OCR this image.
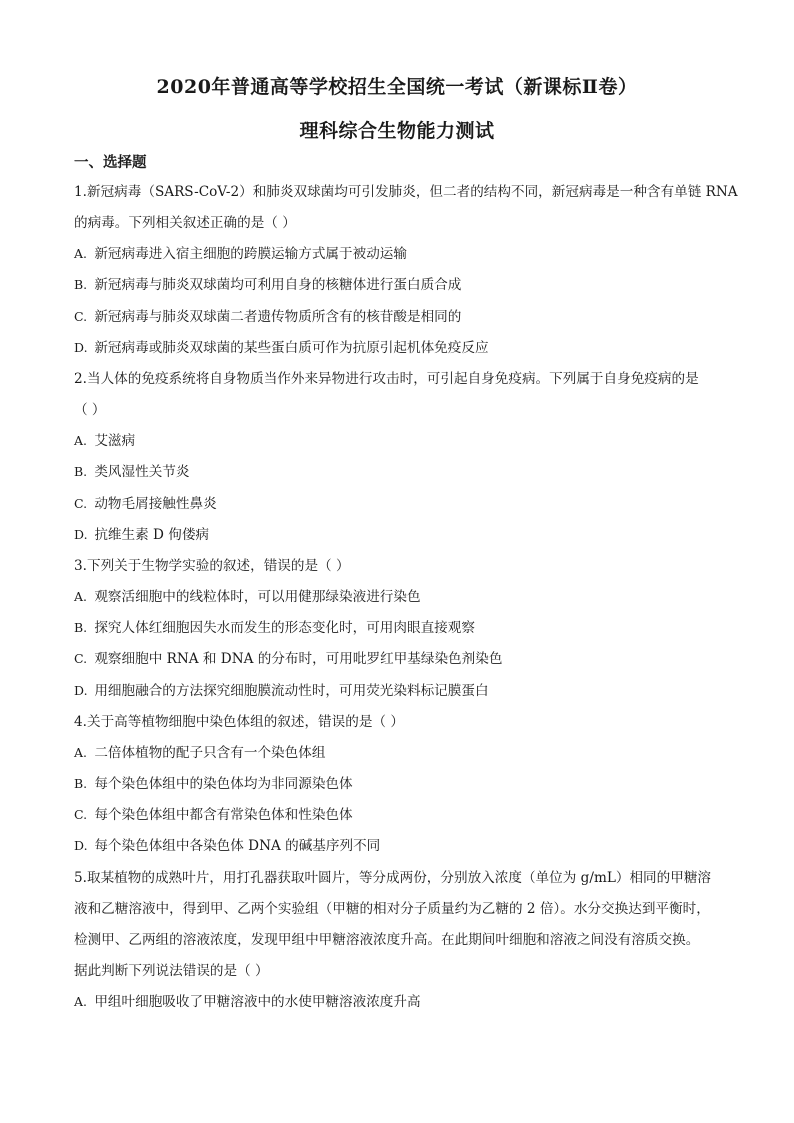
2020年普通高等学校招生全国统一考试（新课标Ⅱ卷）
理科综合生物能力测试
一、选择题
1.新冠病毒（SARS-CoV-2）和肺炎双球菌均可引发肺炎，但二者的结构不同，新冠病毒是一种含有单链 RNA
的病毒。下列相关叙述正确的是（ ）
A. 新冠病毒进入宿主细胞的跨膜运输方式属于被动运输
B. 新冠病毒与肺炎双球菌均可利用自身的核糖体进行蛋白质合成
C. 新冠病毒与肺炎双球菌二者遗传物质所含有的核苷酸是相同的
D. 新冠病毒或肺炎双球菌的某些蛋白质可作为抗原引起机体免疫反应
2.当人体的免疫系统将自身物质当作外来异物进行攻击时，可引起自身免疫病。下列属于自身免疫病的是
（ ）
A. 艾滋病
B. 类风湿性关节炎
C. 动物毛屑接触性鼻炎
D. 抗维生素 D 佝偻病
3.下列关于生物学实验的叙述，错误的是（ ）
A. 观察活细胞中的线粒体时，可以用健那绿染液进行染色
B. 探究人体红细胞因失水而发生的形态变化时，可用肉眼直接观察
C. 观察细胞中 RNA 和 DNA 的分布时，可用吡罗红甲基绿染色剂染色
D. 用细胞融合的方法探究细胞膜流动性时，可用荧光染料标记膜蛋白
4.关于高等植物细胞中染色体组的叙述，错误的是（ ）
A. 二倍体植物的配子只含有一个染色体组
B. 每个染色体组中的染色体均为非同源染色体
C. 每个染色体组中都含有常染色体和性染色体
D. 每个染色体组中各染色体 DNA 的碱基序列不同
5.取某植物的成熟叶片，用打孔器获取叶圆片，等分成两份，分别放入浓度（单位为 g/mL）相同的甲糖溶
液和乙糖溶液中，得到甲、乙两个实验组（甲糖的相对分子质量约为乙糖的 2 倍）。水分交换达到平衡时，
检测甲、乙两组的溶液浓度，发现甲组中甲糖溶液浓度升高。在此期间叶细胞和溶液之间没有溶质交换。
据此判断下列说法错误的是（ ）
A. 甲组叶细胞吸收了甲糖溶液中的水使甲糖溶液浓度升高
